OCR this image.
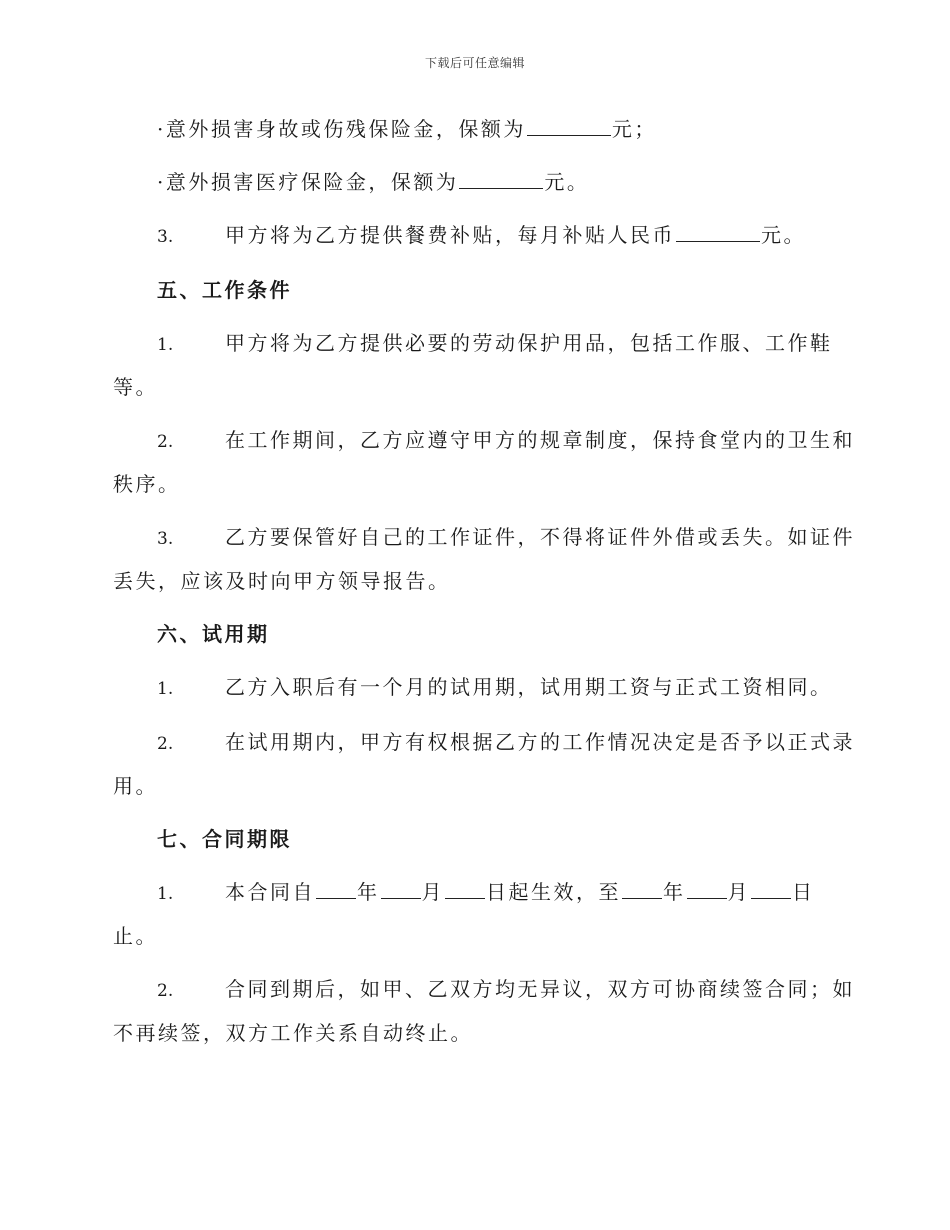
下载后可任意编辑
·意外损害身故或伤残保险金，保额为	元；
·意外损害医疗保险金，保额为	元。
3.	甲方将为乙方提供餐费补贴，每月补贴人民币	元。
五、工作条件
1.	甲方将为乙方提供必要的劳动保护用品，包括工作服、工作鞋
等。
2.	在工作期间，乙方应遵守甲方的规章制度，保持食堂内的卫生和
秩序。
3.	乙方要保管好自己的工作证件，不得将证件外借或丢失。如证件
丢失，应该及时向甲方领导报告。
六、试用期
1.	乙方入职后有一个月的试用期，试用期工资与正式工资相同。
2.	在试用期内，甲方有权根据乙方的工作情况决定是否予以正式录
用。
七、合同期限
1.	本合同自 年 月 日起生效，至 年 月 日
止。
2.	合同到期后，如甲、乙双方均无异议，双方可协商续签合同；如
不再续签，双方工作关系自动终止。
